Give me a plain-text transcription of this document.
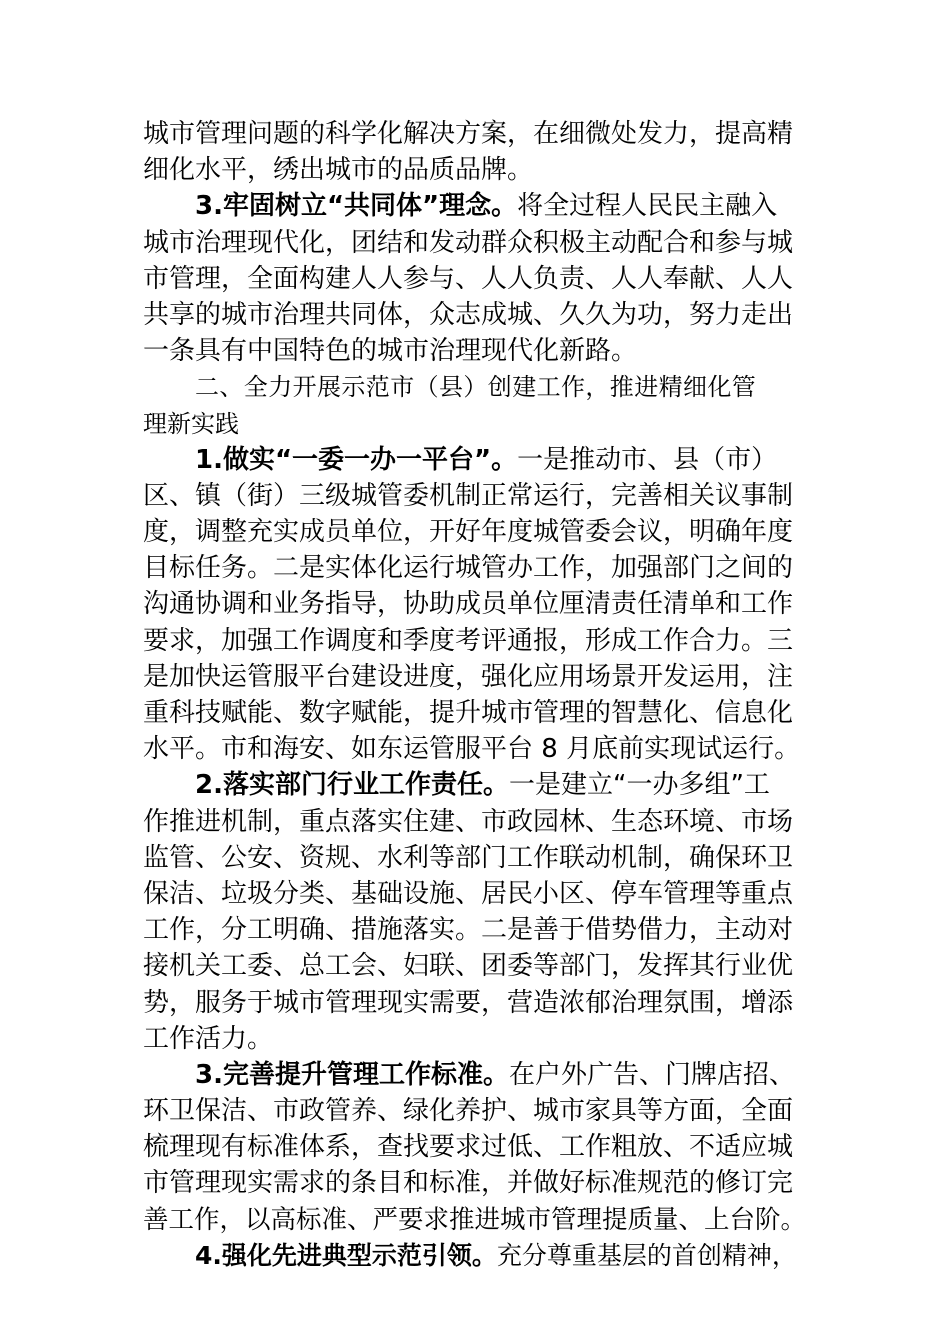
城市管理问题的科学化解决方案，在细微处发力，提高精
细化水平，绣出城市的品质品牌。
3.牢固树立“共同体”理念。将全过程人民民主融入
城市治理现代化，团结和发动群众积极主动配合和参与城
市管理，全面构建人人参与、人人负责、人人奉献、人人
共享的城市治理共同体，众志成城、久久为功，努力走出
一条具有中国特色的城市治理现代化新路。
二、全力开展示范市（县）创建工作，推进精细化管
理新实践
1.做实“一委一办一平台”。一是推动市、县（市）
区、镇（街）三级城管委机制正常运行，完善相关议事制
度，调整充实成员单位，开好年度城管委会议，明确年度
目标任务。二是实体化运行城管办工作，加强部门之间的
沟通协调和业务指导，协助成员单位厘清责任清单和工作
要求，加强工作调度和季度考评通报，形成工作合力。三
是加快运管服平台建设进度，强化应用场景开发运用，注
重科技赋能、数字赋能，提升城市管理的智慧化、信息化
水平。市和海安、如东运管服平台 8 月底前实现试运行。
2.落实部门行业工作责任。一是建立“一办多组”工
作推进机制，重点落实住建、市政园林、生态环境、市场
监管、公安、资规、水利等部门工作联动机制，确保环卫
保洁、垃圾分类、基础设施、居民小区、停车管理等重点
工作，分工明确、措施落实。二是善于借势借力，主动对
接机关工委、总工会、妇联、团委等部门，发挥其行业优
势，服务于城市管理现实需要，营造浓郁治理氛围，增添
工作活力。
3.完善提升管理工作标准。在户外广告、门牌店招、
环卫保洁、市政管养、绿化养护、城市家具等方面，全面
梳理现有标准体系，查找要求过低、工作粗放、不适应城
市管理现实需求的条目和标准，并做好标准规范的修订完
善工作，以高标准、严要求推进城市管理提质量、上台阶。
4.强化先进典型示范引领。充分尊重基层的首创精神，
